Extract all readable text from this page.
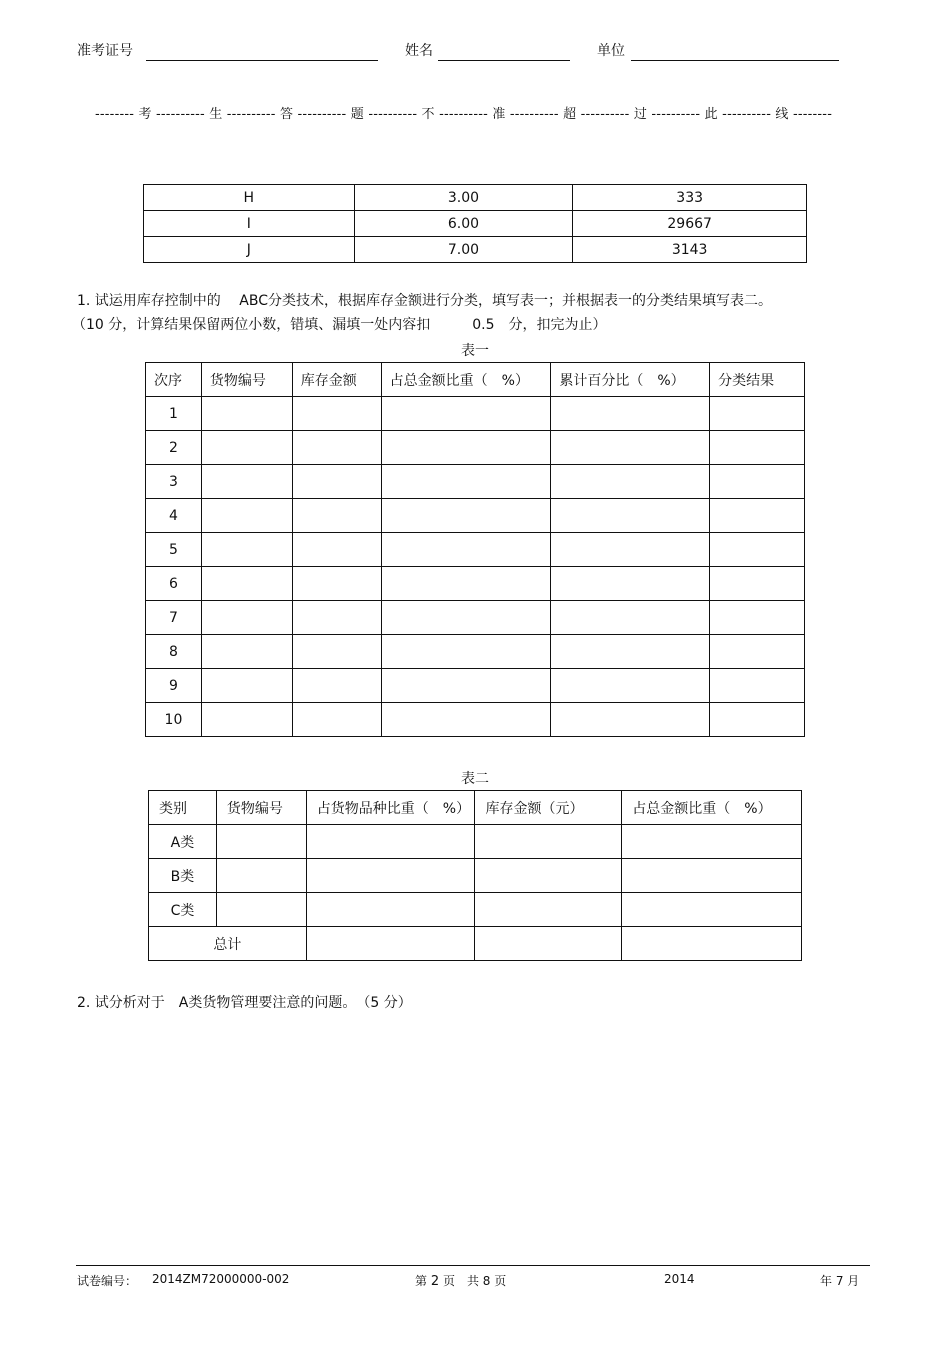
准考证号	姓名	单位
-------- 考 ---------- 生 ---------- 答 ---------- 题 ---------- 不 ---------- 准 ---------- 超 ---------- 过 ---------- 此 ---------- 线 --------
H	3.00	333
I	6.00	29667
J	7.00	3143
1. 试运用库存控制中的　 ABC分类技术，根据库存金额进行分类，填写表一；并根据表一的分类结果填写表二。
（10 分，计算结果保留两位小数，错填、漏填一处内容扣　　　0.5　分，扣完为止）
表一
次序	货物编号	库存金额	占总金额比重（　%）	累计百分比（　%）	分类结果
1					
2					
3					
4					
5					
6					
7					
8					
9					
10					
表二
类别	货物编号	占货物品种比重（　%）	库存金额（元）	占总金额比重（　%）
A类				
B类				
C类				
总计				
2. 试分析对于　A类货物管理要注意的问题。　（5 分）
试卷编号： 2014ZM72000000-002	第 2 页　共 8 页	2014	年 7 月
